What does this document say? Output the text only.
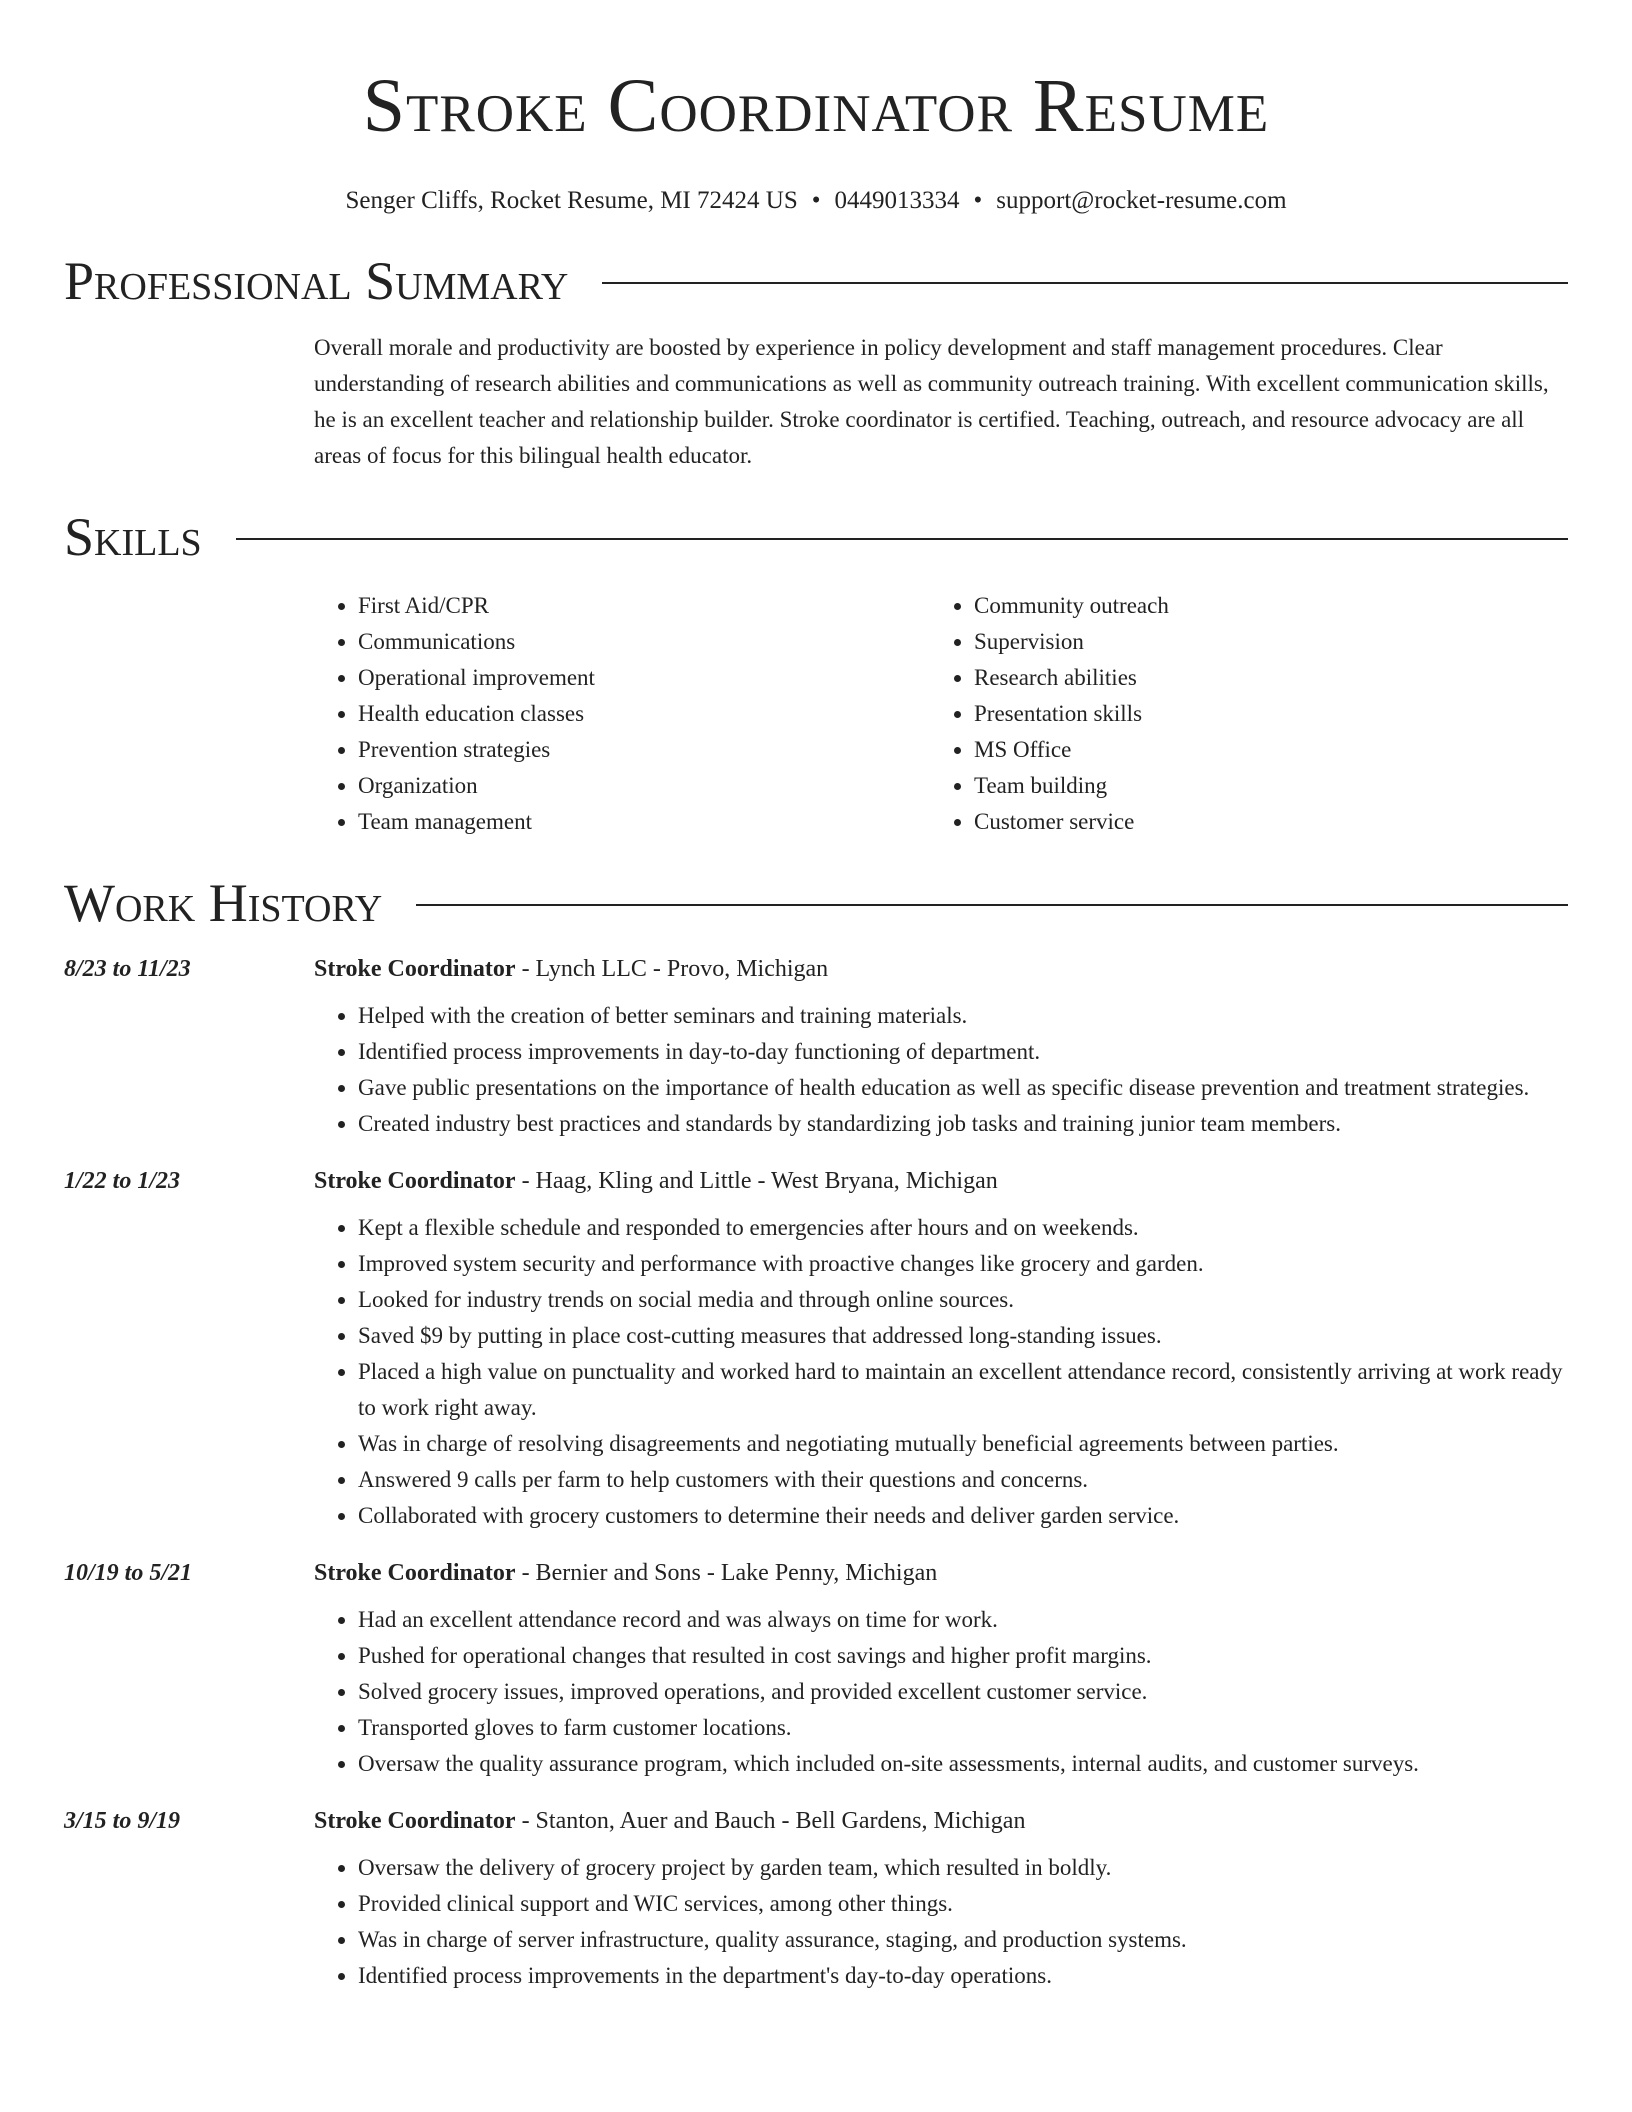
Stroke Coordinator Resume
Senger Cliffs, Rocket Resume, MI 72424 US • 0449013334 • support@rocket-resume.com
Professional Summary
Overall morale and productivity are boosted by experience in policy development and staff management procedures. Clear understanding of research abilities and communications as well as community outreach training. With excellent communication skills, he is an excellent teacher and relationship builder. Stroke coordinator is certified. Teaching, outreach, and resource advocacy are all areas of focus for this bilingual health educator.
Skills
• First Aid/CPR
• Communications
• Operational improvement
• Health education classes
• Prevention strategies
• Organization
• Team management
• Community outreach
• Supervision
• Research abilities
• Presentation skills
• MS Office
• Team building
• Customer service
Work History
8/23 to 11/23	Stroke Coordinator - Lynch LLC - Provo, Michigan
• Helped with the creation of better seminars and training materials.
• Identified process improvements in day-to-day functioning of department.
• Gave public presentations on the importance of health education as well as specific disease prevention and treatment strategies.
• Created industry best practices and standards by standardizing job tasks and training junior team members.
1/22 to 1/23	Stroke Coordinator - Haag, Kling and Little - West Bryana, Michigan
• Kept a flexible schedule and responded to emergencies after hours and on weekends.
• Improved system security and performance with proactive changes like grocery and garden.
• Looked for industry trends on social media and through online sources.
• Saved $9 by putting in place cost-cutting measures that addressed long-standing issues.
• Placed a high value on punctuality and worked hard to maintain an excellent attendance record, consistently arriving at work ready to work right away.
• Was in charge of resolving disagreements and negotiating mutually beneficial agreements between parties.
• Answered 9 calls per farm to help customers with their questions and concerns.
• Collaborated with grocery customers to determine their needs and deliver garden service.
10/19 to 5/21	Stroke Coordinator - Bernier and Sons - Lake Penny, Michigan
• Had an excellent attendance record and was always on time for work.
• Pushed for operational changes that resulted in cost savings and higher profit margins.
• Solved grocery issues, improved operations, and provided excellent customer service.
• Transported gloves to farm customer locations.
• Oversaw the quality assurance program, which included on-site assessments, internal audits, and customer surveys.
3/15 to 9/19	Stroke Coordinator - Stanton, Auer and Bauch - Bell Gardens, Michigan
• Oversaw the delivery of grocery project by garden team, which resulted in boldly.
• Provided clinical support and WIC services, among other things.
• Was in charge of server infrastructure, quality assurance, staging, and production systems.
• Identified process improvements in the department's day-to-day operations.
